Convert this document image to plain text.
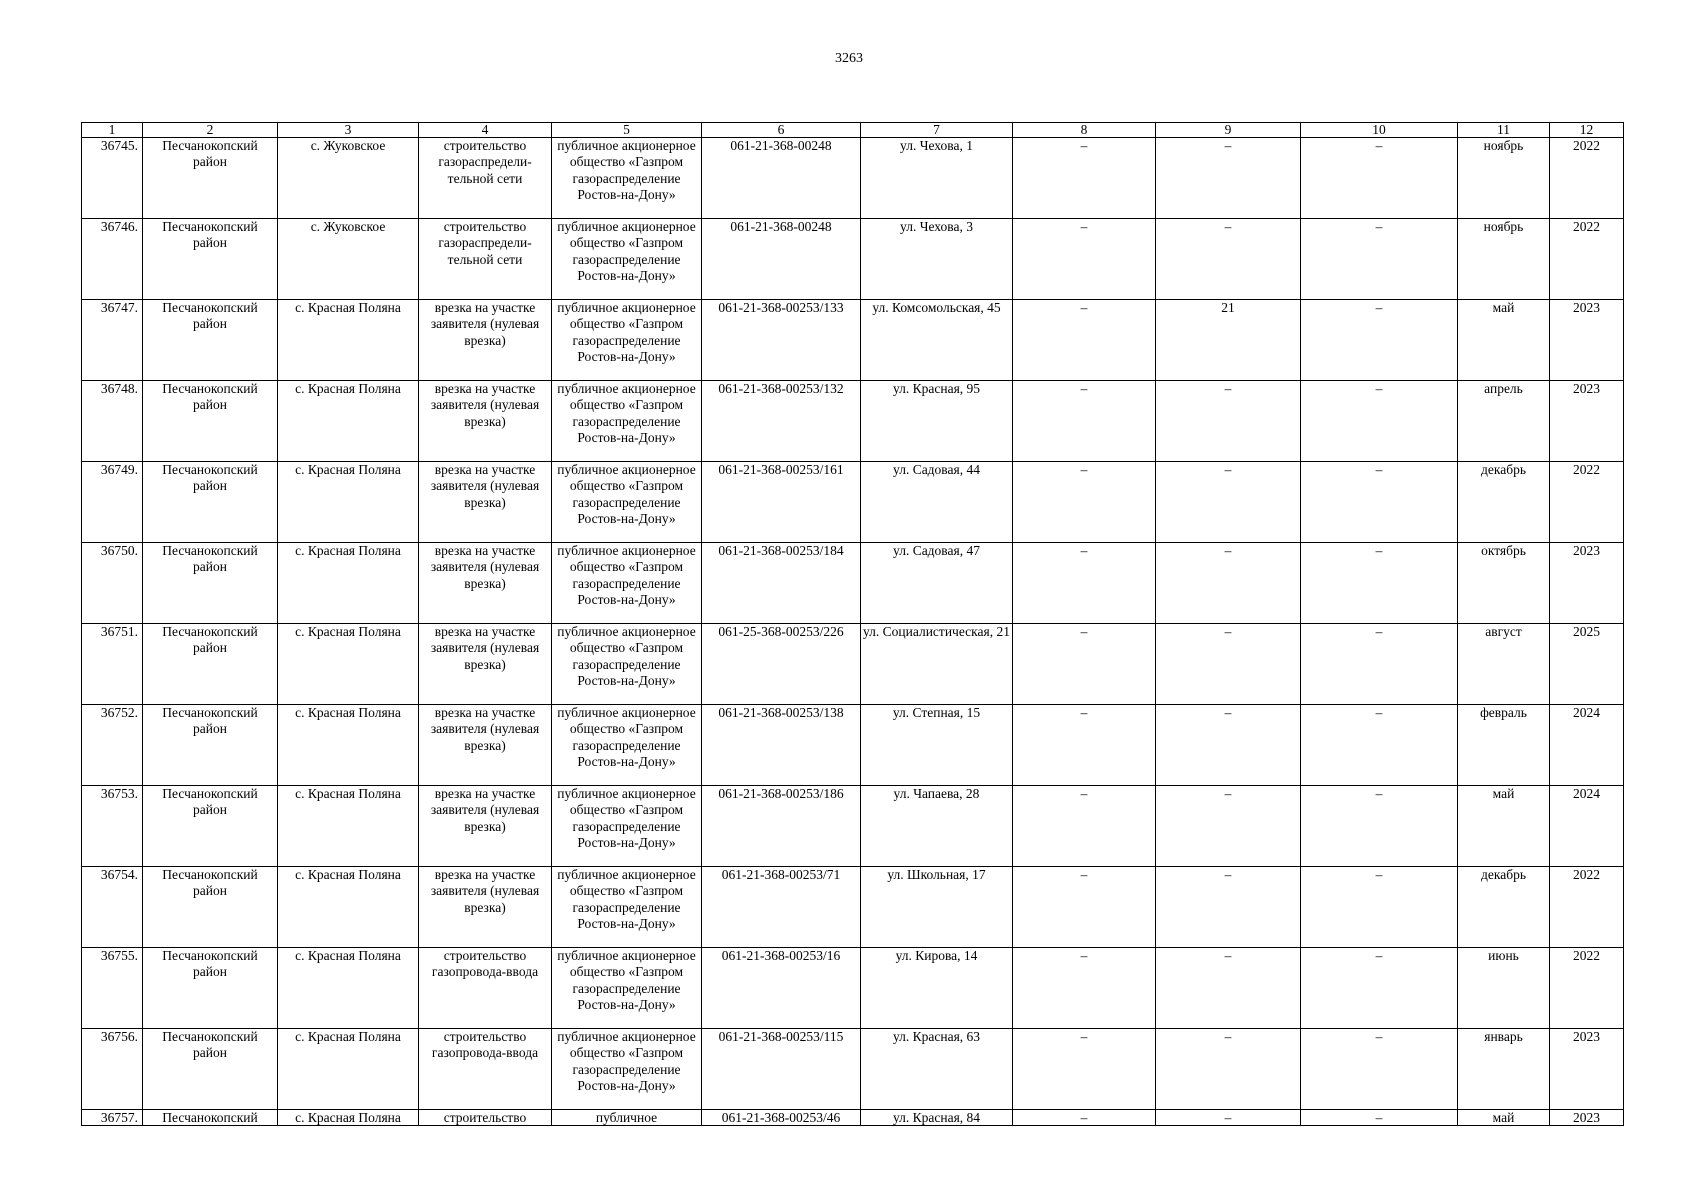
3263
1	2	3	4	5	6	7	8	9	10	11	12
36745.	Песчанокопский район	с. Жуковское	строительство газораспредели-тельной сети	публичное акционерное общество «Газпром газораспределение Ростов-на-Дону»	061-21-368-00248	ул. Чехова, 1	–	–	–	ноябрь	2022
36746.	Песчанокопский район	с. Жуковское	строительство газораспредели-тельной сети	публичное акционерное общество «Газпром газораспределение Ростов-на-Дону»	061-21-368-00248	ул. Чехова, 3	–	–	–	ноябрь	2022
36747.	Песчанокопский район	с. Красная Поляна	врезка на участке заявителя (нулевая врезка)	публичное акционерное общество «Газпром газораспределение Ростов-на-Дону»	061-21-368-00253/133	ул. Комсомольская, 45	–	21	–	май	2023
36748.	Песчанокопский район	с. Красная Поляна	врезка на участке заявителя (нулевая врезка)	публичное акционерное общество «Газпром газораспределение Ростов-на-Дону»	061-21-368-00253/132	ул. Красная, 95	–	–	–	апрель	2023
36749.	Песчанокопский район	с. Красная Поляна	врезка на участке заявителя (нулевая врезка)	публичное акционерное общество «Газпром газораспределение Ростов-на-Дону»	061-21-368-00253/161	ул. Садовая, 44	–	–	–	декабрь	2022
36750.	Песчанокопский район	с. Красная Поляна	врезка на участке заявителя (нулевая врезка)	публичное акционерное общество «Газпром газораспределение Ростов-на-Дону»	061-21-368-00253/184	ул. Садовая, 47	–	–	–	октябрь	2023
36751.	Песчанокопский район	с. Красная Поляна	врезка на участке заявителя (нулевая врезка)	публичное акционерное общество «Газпром газораспределение Ростов-на-Дону»	061-25-368-00253/226	ул. Социалистическая, 21	–	–	–	август	2025
36752.	Песчанокопский район	с. Красная Поляна	врезка на участке заявителя (нулевая врезка)	публичное акционерное общество «Газпром газораспределение Ростов-на-Дону»	061-21-368-00253/138	ул. Степная, 15	–	–	–	февраль	2024
36753.	Песчанокопский район	с. Красная Поляна	врезка на участке заявителя (нулевая врезка)	публичное акционерное общество «Газпром газораспределение Ростов-на-Дону»	061-21-368-00253/186	ул. Чапаева, 28	–	–	–	май	2024
36754.	Песчанокопский район	с. Красная Поляна	врезка на участке заявителя (нулевая врезка)	публичное акционерное общество «Газпром газораспределение Ростов-на-Дону»	061-21-368-00253/71	ул. Школьная, 17	–	–	–	декабрь	2022
36755.	Песчанокопский район	с. Красная Поляна	строительство газопровода-ввода	публичное акционерное общество «Газпром газораспределение Ростов-на-Дону»	061-21-368-00253/16	ул. Кирова, 14	–	–	–	июнь	2022
36756.	Песчанокопский район	с. Красная Поляна	строительство газопровода-ввода	публичное акционерное общество «Газпром газораспределение Ростов-на-Дону»	061-21-368-00253/115	ул. Красная, 63	–	–	–	январь	2023
36757.	Песчанокопский	с. Красная Поляна	строительство	публичное	061-21-368-00253/46	ул. Красная, 84	–	–	–	май	2023
